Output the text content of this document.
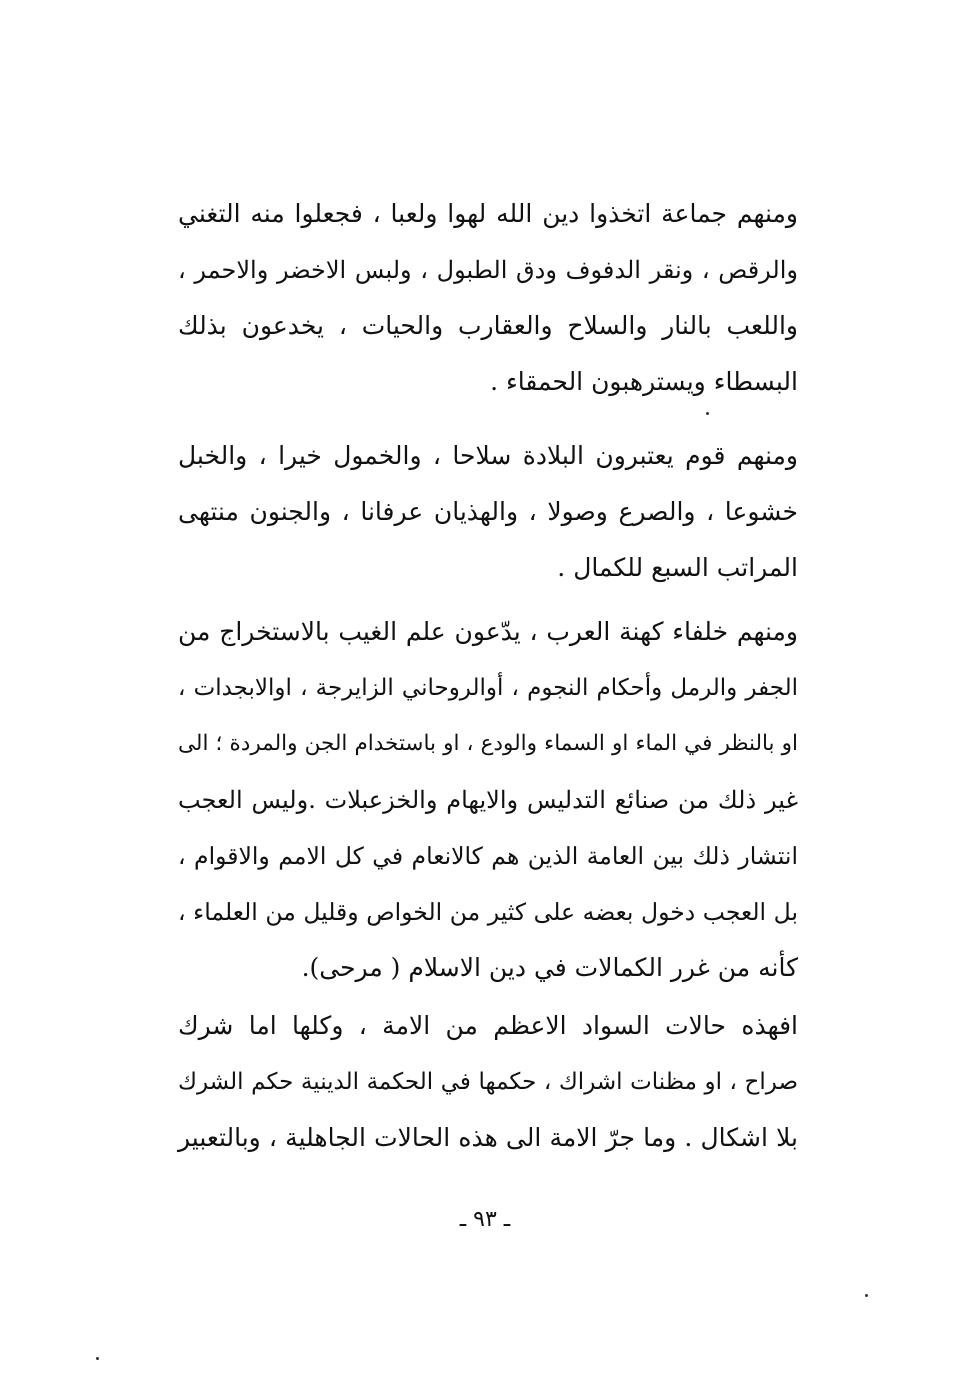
ومنهم جماعة اتخذوا دين الله لهوا ولعبا ، فجعلوا منه التغني
والرقص ، ونقر الدفوف ودق الطبول ، ولبس الاخضر والاحمر ،
واللعب بالنار والسلاح والعقارب والحيات ، يخدعون بذلك
البسطاء ويسترهبون الحمقاء .
ومنهم قوم يعتبرون البلادة سلاحا ، والخمول خيرا ، والخبل
خشوعا ، والصرع وصولا ، والهذيان عرفانا ، والجنون منتهى
المراتب السبع للكمال .
ومنهم خلفاء كهنة العرب ، يدّعون علم الغيب بالاستخراج من
الجفر والرمل وأحكام النجوم ، أوالروحاني الزايرجة ، اوالابجدات ،
او بالنظر في الماء او السماء والودع ، او باستخدام الجن والمردة ؛ الى
غير ذلك من صنائع التدليس والايهام والخزعبلات .وليس العجب
انتشار ذلك بين العامة الذين هم كالانعام في كل الامم والاقوام ،
بل العجب دخول بعضه على كثير من الخواص وقليل من العلماء ،
كأنه من غرر الكمالات في دين الاسلام ( مرحى).
افهذه حالات السواد الاعظم من الامة ، وكلها اما شرك
صراح ، او مظنات اشراك ، حكمها في الحكمة الدينية حكم الشرك
بلا اشكال . وما جرّ الامة الى هذه الحالات الجاهلية ، وبالتعبير
ـ ٩٣ ـ
